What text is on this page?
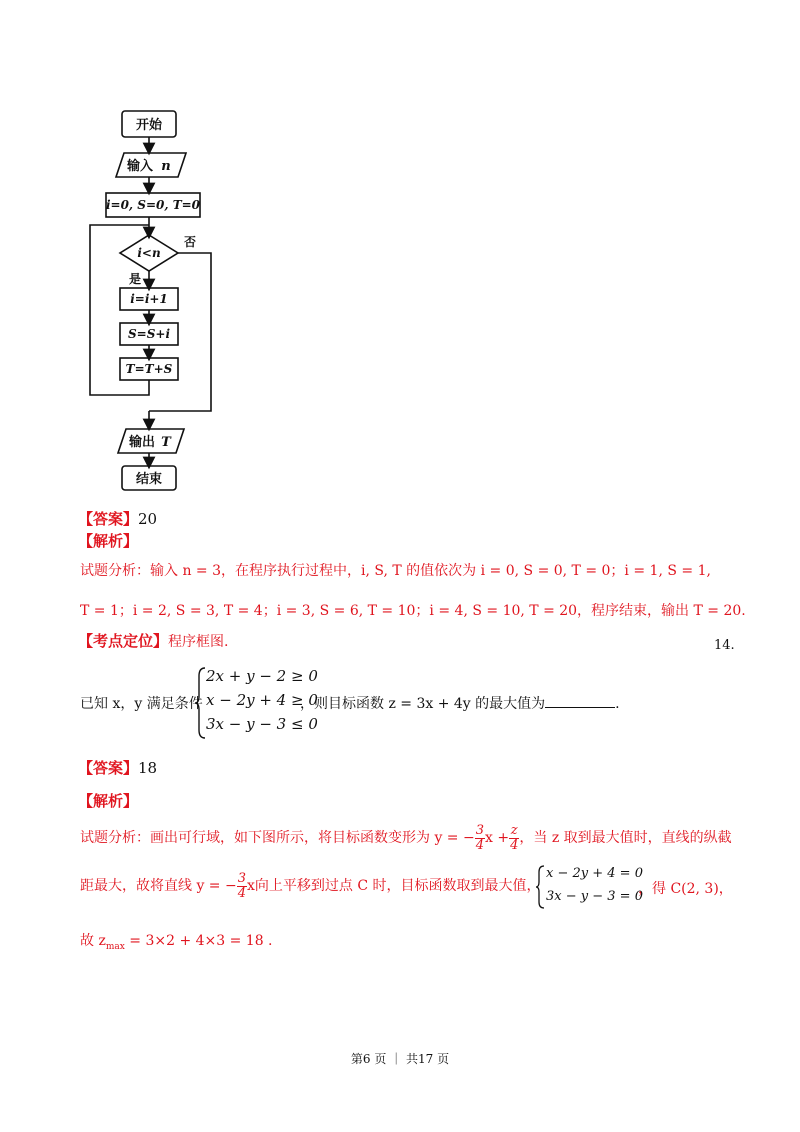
开始
输入 n
i=0, S=0, T=0
i<n
否
是
i=i+1
S=S+i
T=T+S
输出 T
结束
【答案】20
【解析】
试题分析：输入 n = 3，在程序执行过程中，i, S, T 的值依次为 i = 0, S = 0, T = 0；i = 1, S = 1,
T = 1；i = 2, S = 3, T = 4；i = 3, S = 6, T = 10；i = 4, S = 10, T = 20，程序结束，输出 T = 20.
【考点定位】程序框图.	14.
已知 x，y 满足条件
2x + y − 2 ≥ 0
x − 2y + 4 ≥ 0
3x − y − 3 ≤ 0
，则目标函数 z = 3x + 4y 的最大值为	.
【答案】18
【解析】
试题分析：画出可行域，如下图所示，将目标函数变形为 y = − $\frac{3}{4}$ $x + \frac{z}{4}$ ，当 z 取到最大值时，直线的纵截
距最大，故将直线 y = − $\frac{3}{4}$ x向上平移到过点 C 时，目标函数取到最大值，
x − 2y + 4 = 0
3x − y − 3 = 0
，得 C(2, 3)，
故 $z_{max} = 3\times 2 + 4\times 3 = 18$ .
第6 页 ｜ 共17 页
